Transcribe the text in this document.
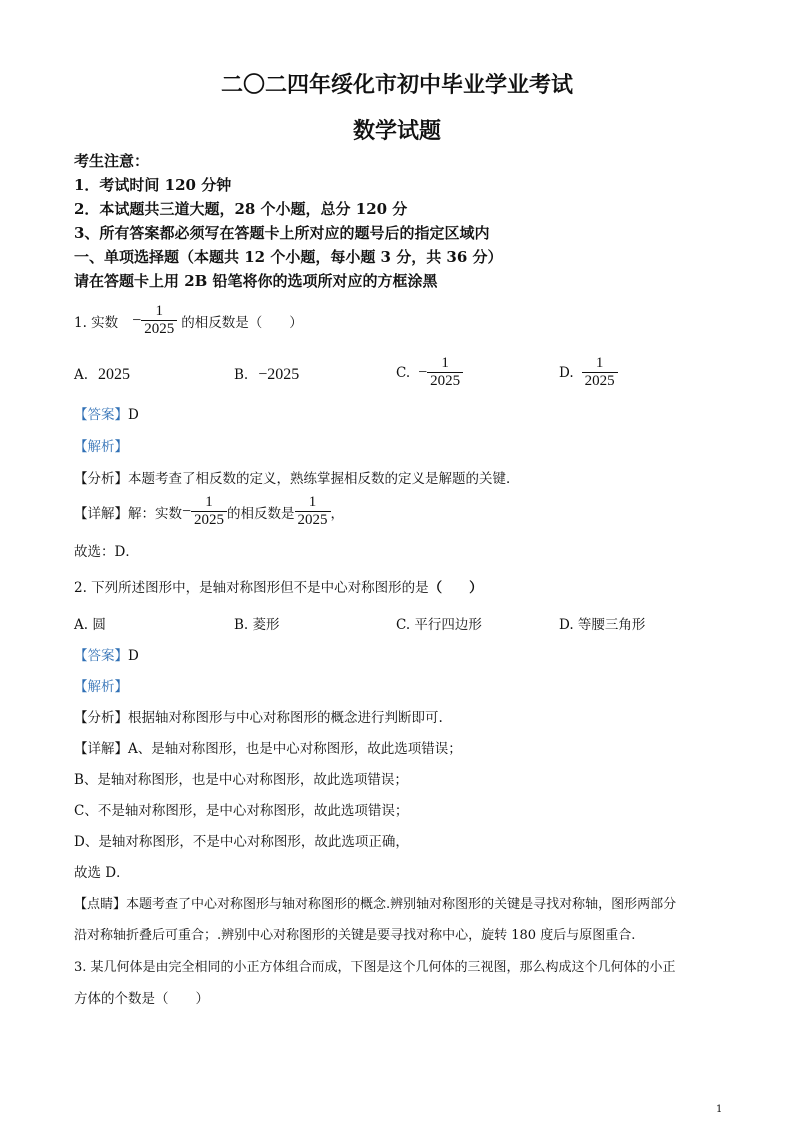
二〇二四年绥化市初中毕业学业考试
数学试题
考生注意：
1．考试时间 120 分钟
2．本试题共三道大题，28 个小题，总分 120 分
3、所有答案都必须写在答题卡上所对应的题号后的指定区域内
一、单项选择题（本题共 12 个小题，每小题 3 分，共 36 分）
请在答题卡上用 2B 铅笔将你的选项所对应的方框涂黑
1. 实数 − $\frac{1}{2025}$ 的相反数是（　　）
A. 2025	B. −2025	C. − $\frac{1}{2025}$	D. $\frac{1}{2025}$
【答案】D
【解析】
【分析】本题考查了相反数的定义，熟练掌握相反数的定义是解题的关键．
【详解】解：实数 − $\frac{1}{2025}$ 的相反数是 $\frac{1}{2025}$ ，
故选：D．
2. 下列所述图形中，是轴对称图形但不是中心对称图形的是（　　）
A. 圆	B. 菱形	C. 平行四边形	D. 等腰三角形
【答案】D
【解析】
【分析】根据轴对称图形与中心对称图形的概念进行判断即可.
【详解】A、是轴对称图形，也是中心对称图形，故此选项错误；
B、是轴对称图形，也是中心对称图形，故此选项错误；
C、不是轴对称图形，是中心对称图形，故此选项错误；
D、是轴对称图形，不是中心对称图形，故此选项正确，
故选 D．
【点睛】本题考查了中心对称图形与轴对称图形的概念.辨别轴对称图形的关键是寻找对称轴，图形两部分
沿对称轴折叠后可重合；.辨别中心对称图形的关键是要寻找对称中心，旋转 180 度后与原图重合.
3. 某几何体是由完全相同的小正方体组合而成，下图是这个几何体的三视图，那么构成这个几何体的小正
方体的个数是（　　）
1
